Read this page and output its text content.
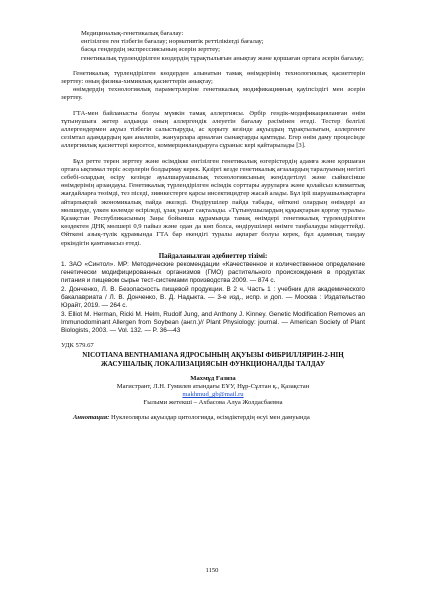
Медициналық-генетикалық бағалау:

енгізілген ген тізбегін бағалау; нормативтік реттілікterді бағалау;

басқа гендердің экспрессиясының әсерін зерттеу;

генетикалық түрлендірілген көздердің тұрақтылығын анықтау және қоршаған ортаға әсерін бағалау;

Генетикалық түрлендірілген көздерден алынатын тамақ өнімдерінің технологиялық қасиеттерін зерттеу: оның физика-химиялық қасиеттерін анықтау;

өнімдердің технологиялық параметрлеріне генетикалық модификацияның қауіпсіздігі мен әсерін зерттеу.

ГТА-мен байланысты болуы мүмкін тамақ аллергиясы. Әрбір гендік-модификацияланған өнім тұтынушыға жетер алдында оның аллергендік әлеуетін бағалау рәсімінен өтеді. Тестер белгілі аллергендермен ақуыз тізбегін салыстыруды, ас қорыту кезінде ақуыздың тұрақтылығын, аллергенге сезімтал адамдардың қан анализін, жануарлара арналған сынақтарды қамтиды. Егер өнім даму процесінде аллергиялық қасиеттері көрсетсе, коммерцияландыруға сұраныс кері қайтарылады [3].

Бұл ретте терен зерттеу және өсімдікке енгізілген генетикалық өзгерістердің адамға және қоршаған ортаға ықтимал теріс әсерлерін болдырмау керек. Қазіргі кезде генетикалық ағзалардың таралуының негізгі себебі-олардың өсіру кезінде ауылшаруашылық технологиясының жеңілдетілуі және сыйкесінше өнімдерінің арзандауы. Генетикалық түрлендірілген өсімдік сорттары ауруларға және қолайсыз климаттық жағдайларға төзімді, тез піседі, зиянкестерге қарсы инсектицидтер жасай алады. Бұл іріі шаруашылықтарға айтарлықтай экономикалық пайда әкеледі. Өндірушілер пайда табады, өйткені олардың өнімдері аз мөлшерде, үлкен көлемде өсіріледі, ұзақ уақыт сақталады. «Тұтынушылардың құқықтарын қорғау туралы» Қазақстан Республикасының Заңы бойынша құрамында тамақ өнімдері генетикалық түрлендірілген көздектен ДНҚ мөлшері 0,9 пайыз және одан да көп болса, өндірушілері өнімге таңбалауды міндеттейді. Өйткені азық-түлік құрамында ГТА бар екендігі туралы ақпарат болуы керек, бұл адамның таңдау еркіндігін қамтамасыз етеді.

Пайдаланылған әдебиеттер тізімі:

1. ЗАО «Синтол». МР: Методические рекомендации «Качественное и количественное определение генетически модифицированных организмов (ГМО) растительного происхождения в продуктах питания и пищевом сырье тест-системами производства 2009. — 874 с.

2. Донченко, Л. В. Безопасность пищевой продукции. В 2 ч. Часть 1 : учебник для академического бакалавриата / Л. В. Донченко, В. Д. Надыкта. — 3-е изд., испр. и доп. — Москва : Издательство Юрайт, 2019. — 264 с.

3. Elliot M. Herman, Ricki M. Helm, Rudolf Jung, and Anthony J. Kinney. Genetic Modification Removes an Immunodominant Allergen from Soybean (англ.)// Plant Physiology: journal. — American Society of Plant Biologists, 2003. — Vol. 132. — P. 36—43

УДК 579.67

NICOTIANA BENTHAMIANA ЯДРОСЫНЫҢ АҚУЫЗЫ ФИБРИЛЛЯРИН-2-НІҢ ЖАСУШАЛЫҚ ЛОКАЛИЗАЦИЯСЫН ФУНКЦИОНАЛДЫ ТАЛДАУ

Махмұд Ғазиза

Магистрант, Л.Н. Гумилев атындағы ЕҰУ, Нұр-Сұлтан қ., Қазақстан

makhmud_gb@mail.ru

Ғылыми жетекші – Ахбасова Алуа Жолдасбаевна

Аннотация: Нуклеолярлы ақуыздар цитологияда, өсімдіктердің өсуі мен дамуында

1150
